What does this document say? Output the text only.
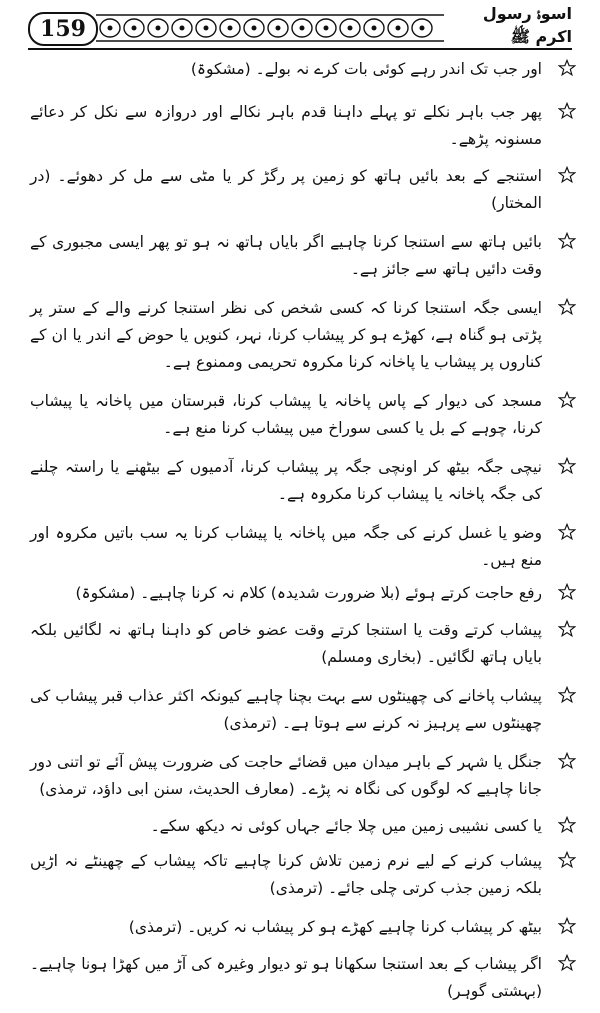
159
اسوۂ رسول اکرم ﷺ
اور جب تک اندر رہے کوئی بات کرے نہ بولے۔ (مشکوۃ)
پھر جب باہر نکلے تو پہلے داہنا قدم باہر نکالے اور دروازہ سے نکل کر دعائے مسنونہ پڑھے۔
استنجے کے بعد بائیں ہاتھ کو زمین پر رگڑ کر یا مٹی سے مل کر دھوئے۔ (در المختار)
بائیں ہاتھ سے استنجا کرنا چاہیے اگر بایاں ہاتھ نہ ہو تو پھر ایسی مجبوری کے وقت دائیں ہاتھ سے جائز ہے۔
ایسی جگہ استنجا کرنا کہ کسی شخص کی نظر استنجا کرنے والے کے ستر پر پڑتی ہو گناہ ہے، کھڑے ہو کر پیشاب کرنا، نہر، کنویں یا حوض کے اندر یا ان کے کناروں پر پیشاب یا پاخانہ کرنا مکروہ تحریمی وممنوع ہے۔
مسجد کی دیوار کے پاس پاخانہ یا پیشاب کرنا، قبرستان میں پاخانہ یا پیشاب کرنا، چوہے کے بل یا کسی سوراخ میں پیشاب کرنا منع ہے۔
نیچی جگہ بیٹھ کر اونچی جگہ پر پیشاب کرنا، آدمیوں کے بیٹھنے یا راستہ چلنے کی جگہ پاخانہ یا پیشاب کرنا مکروہ ہے۔
وضو یا غسل کرنے کی جگہ میں پاخانہ یا پیشاب کرنا یہ سب باتیں مکروہ اور منع ہیں۔
رفع حاجت کرتے ہوئے (بلا ضرورت شدیدہ) کلام نہ کرنا چاہیے۔ (مشکوۃ)
پیشاب کرتے وقت یا استنجا کرتے وقت عضو خاص کو داہنا ہاتھ نہ لگائیں بلکہ بایاں ہاتھ لگائیں۔ (بخاری ومسلم)
پیشاب پاخانے کی چھینٹوں سے بہت بچنا چاہیے کیونکہ اکثر عذاب قبر پیشاب کی چھینٹوں سے پرہیز نہ کرنے سے ہوتا ہے۔ (ترمذی)
جنگل یا شہر کے باہر میدان میں قضائے حاجت کی ضرورت پیش آئے تو اتنی دور جانا چاہیے کہ لوگوں کی نگاہ نہ پڑے۔ (معارف الحدیث، سنن ابی داؤد، ترمذی)
یا کسی نشیبی زمین میں چلا جائے جہاں کوئی نہ دیکھ سکے۔
پیشاب کرنے کے لیے نرم زمین تلاش کرنا چاہیے تاکہ پیشاب کے چھینٹے نہ اڑیں بلکہ زمین جذب کرتی چلی جائے۔ (ترمذی)
بیٹھ کر پیشاب کرنا چاہیے کھڑے ہو کر پیشاب نہ کریں۔ (ترمذی)
اگر پیشاب کے بعد استنجا سکھانا ہو تو دیوار وغیرہ کی آڑ میں کھڑا ہونا چاہیے۔ (بہشتی گوہر)
